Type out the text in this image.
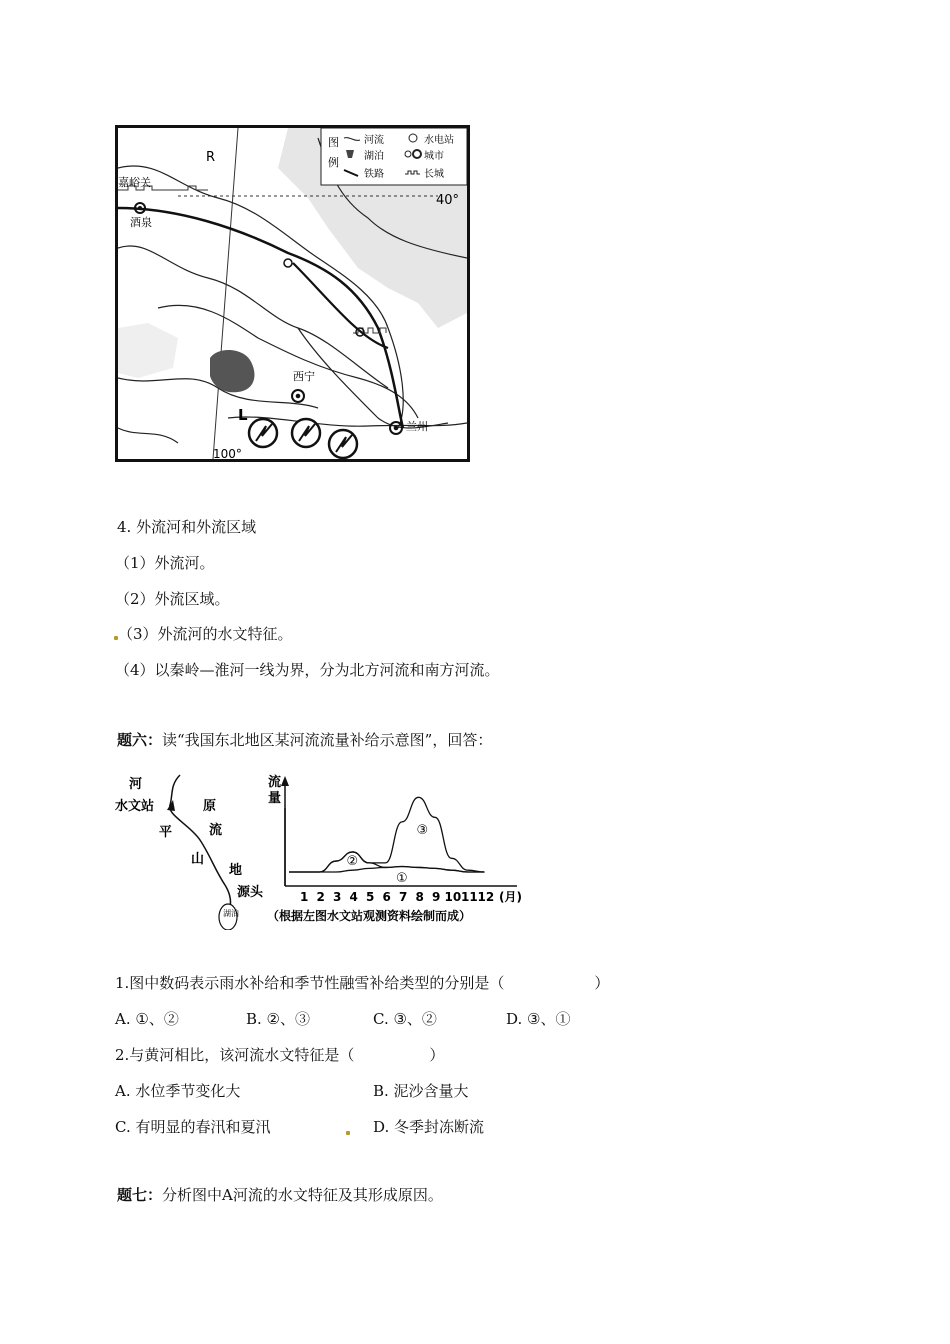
图
例
河流
湖泊
铁路
水电站
城市
长城
R
40°
100°
嘉峪关
酒泉
西宁
兰州
L
4. 外流河和外流区域
（1）外流河。
（2）外流区域。
（3）外流河的水文特征。
（4）以秦岭—淮河一线为界，分为北方河流和南方河流。
题六：读“我国东北地区某河流流量补给示意图”，回答：
河
水文站	原
平	流
山
地
源头
湖泊
流
量
①
②
③
1 2 3 4 5 6 7 8 9 10 11 12 (月)
（根据左图水文站观测资料绘制而成）
1.图中数码表示雨水补给和季节性融雪补给类型的分别是（　　　　　　）
A. ①、②	B. ②、③	C. ③、②	D. ③、①
2.与黄河相比，该河流水文特征是（　　　　　）
A. 水位季节变化大	B. 泥沙含量大
C. 有明显的春汛和夏汛	D. 冬季封冻断流
题七：分析图中A河流的水文特征及其形成原因。
